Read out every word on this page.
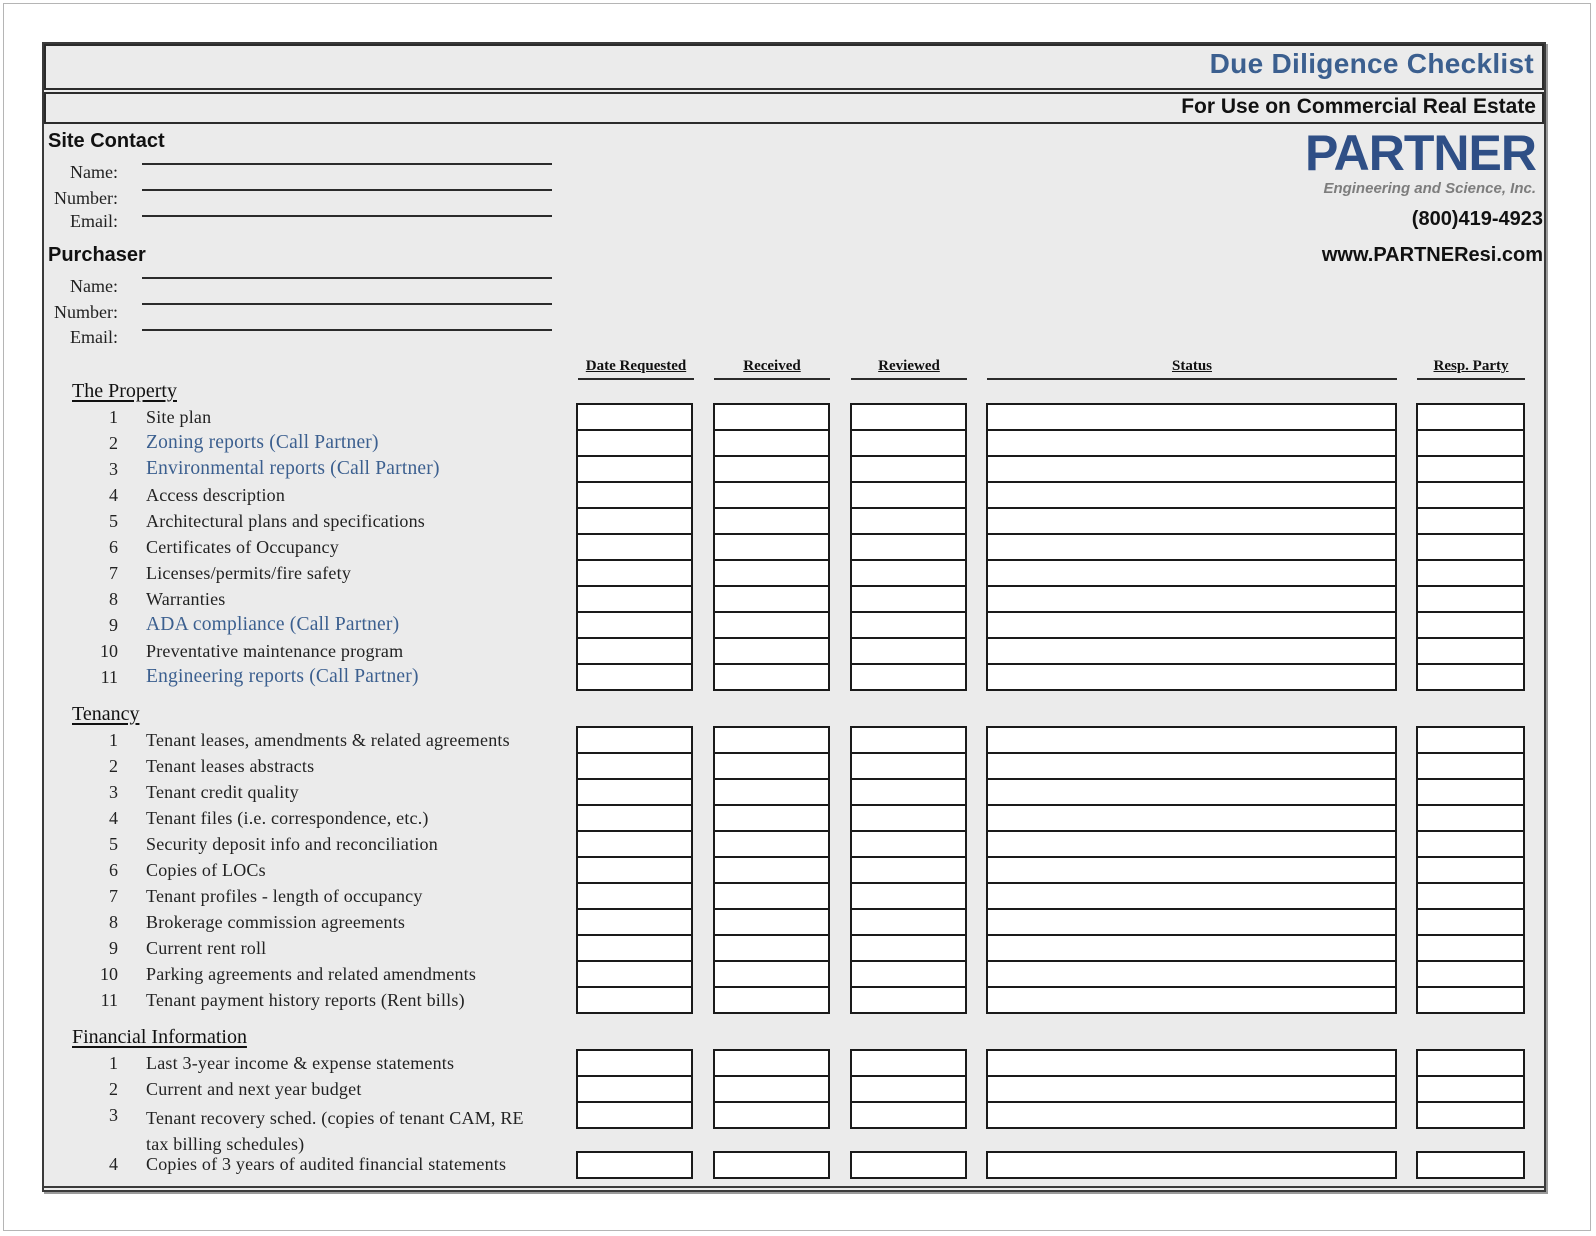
Due Diligence Checklist
For Use on Commercial Real Estate
Site Contact
Name:
Number:
Email:
Purchaser
Name:
Number:
Email:
PARTNER
Engineering and Science, Inc.
(800)419-4923
www.PARTNEResi.com
Date Requested	Received	Reviewed	Status	Resp. Party
The Property
1 Site plan
2 Zoning reports (Call Partner)
3 Environmental reports (Call Partner)
4 Access description
5 Architectural plans and specifications
6 Certificates of Occupancy
7 Licenses/permits/fire safety
8 Warranties
9 ADA compliance (Call Partner)
10 Preventative maintenance program
11 Engineering reports (Call Partner)
Tenancy
1 Tenant leases, amendments & related agreements
2 Tenant leases abstracts
3 Tenant credit quality
4 Tenant files (i.e. correspondence, etc.)
5 Security deposit info and reconciliation
6 Copies of LOCs
7 Tenant profiles - length of occupancy
8 Brokerage commission agreements
9 Current rent roll
10 Parking agreements and related amendments
11 Tenant payment history reports (Rent bills)
Financial Information
1 Last 3-year income & expense statements
2 Current and next year budget
3 Tenant recovery sched. (copies of tenant CAM, RE tax billing schedules)
4 Copies of 3 years of audited financial statements
